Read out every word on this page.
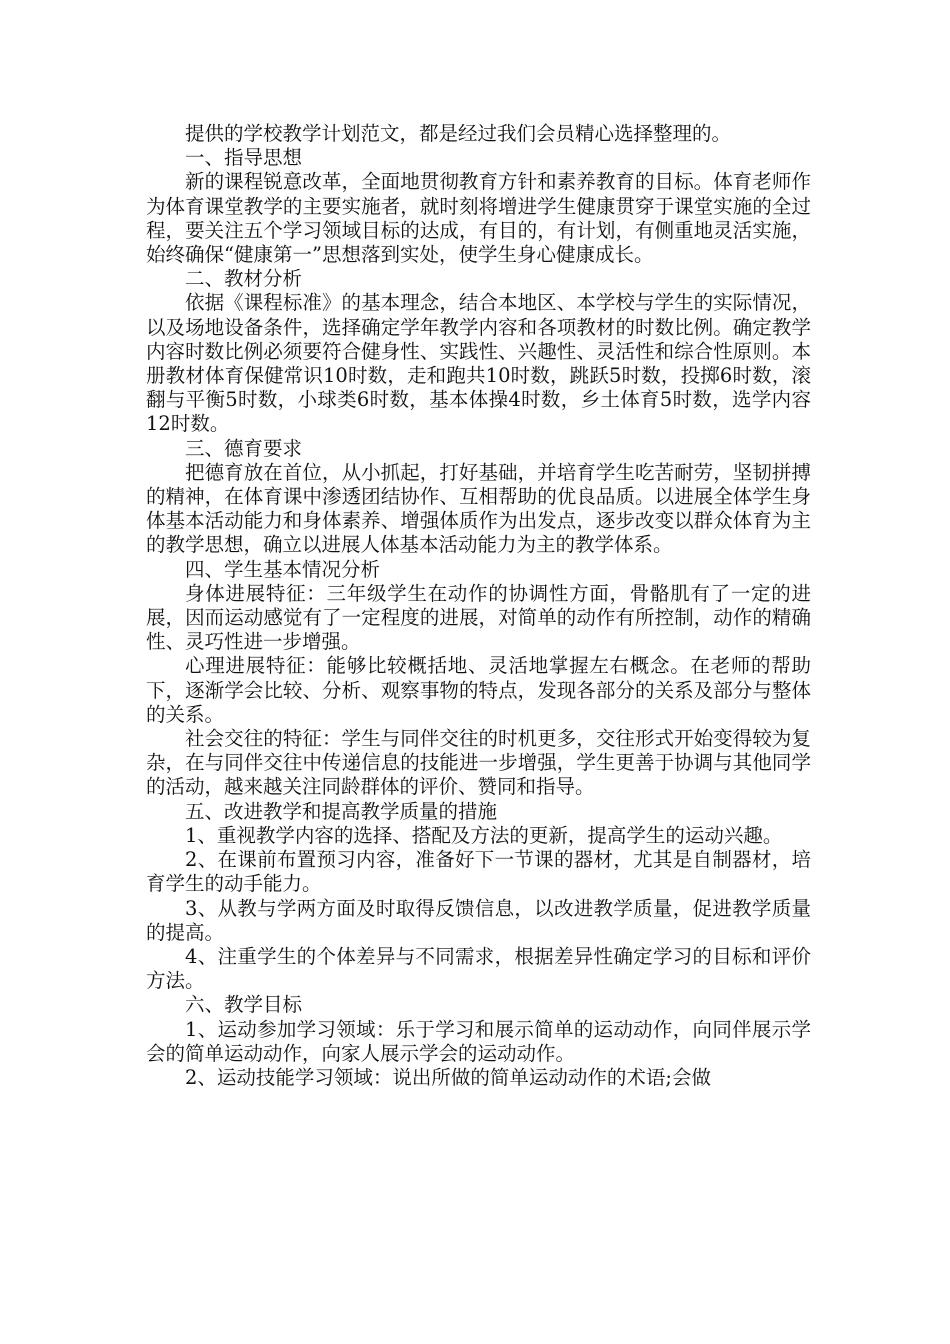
提供的学校教学计划范文，都是经过我们会员精心选择整理的。

一、指导思想

新的课程锐意改革，全面地贯彻教育方针和素养教育的目标。体育老师作为体育课堂教学的主要实施者，就时刻将增进学生健康贯穿于课堂实施的全过程，要关注五个学习领域目标的达成，有目的，有计划，有侧重地灵活实施，始终确保“健康第一”思想落到实处，使学生身心健康成长。

二、教材分析

依据《课程标准》的基本理念，结合本地区、本学校与学生的实际情况，以及场地设备条件，选择确定学年教学内容和各项教材的时数比例。确定教学内容时数比例必须要符合健身性、实践性、兴趣性、灵活性和综合性原则。本册教材体育保健常识10时数，走和跑共10时数，跳跃5时数，投掷6时数，滚翻与平衡5时数，小球类6时数，基本体操4时数，乡土体育5时数，选学内容12时数。

三、德育要求

把德育放在首位，从小抓起，打好基础，并培育学生吃苦耐劳，坚韧拼搏的精神，在体育课中渗透团结协作、互相帮助的优良品质。以进展全体学生身体基本活动能力和身体素养、增强体质作为出发点，逐步改变以群众体育为主的教学思想，确立以进展人体基本活动能力为主的教学体系。

四、学生基本情况分析

身体进展特征：三年级学生在动作的协调性方面，骨骼肌有了一定的进展，因而运动感觉有了一定程度的进展，对简单的动作有所控制，动作的精确性、灵巧性进一步增强。

心理进展特征：能够比较概括地、灵活地掌握左右概念。在老师的帮助下，逐渐学会比较、分析、观察事物的特点，发现各部分的关系及部分与整体的关系。

社会交往的特征：学生与同伴交往的时机更多，交往形式开始变得较为复杂，在与同伴交往中传递信息的技能进一步增强，学生更善于协调与其他同学的活动，越来越关注同龄群体的评价、赞同和指导。

五、改进教学和提高教学质量的措施

1、重视教学内容的选择、搭配及方法的更新，提高学生的运动兴趣。

2、在课前布置预习内容，准备好下一节课的器材，尤其是自制器材，培育学生的动手能力。

3、从教与学两方面及时取得反馈信息，以改进教学质量，促进教学质量的提高。

4、注重学生的个体差异与不同需求，根据差异性确定学习的目标和评价方法。

六、教学目标

1、运动参加学习领域：乐于学习和展示简单的运动动作，向同伴展示学会的简单运动动作，向家人展示学会的运动动作。

2、运动技能学习领域：说出所做的简单运动动作的术语;会做
